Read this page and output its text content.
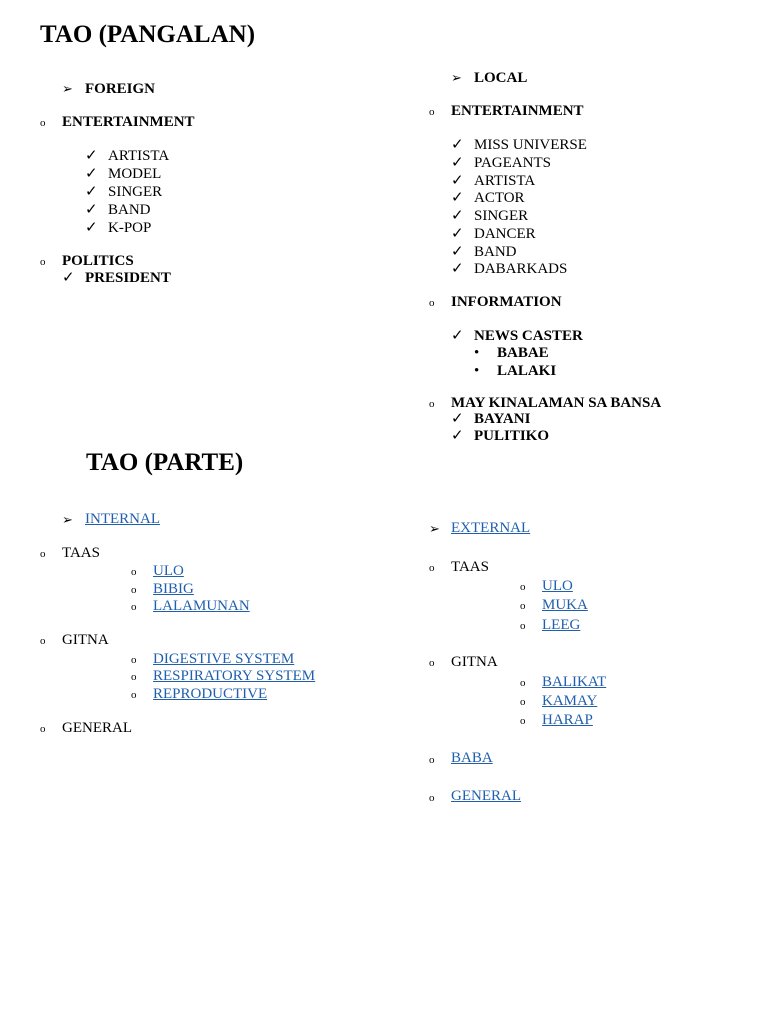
TAO (PANGALAN)
➢ FOREIGN
o ENTERTAINMENT
✓ ARTISTA
✓ MODEL
✓ SINGER
✓ BAND
✓ K-POP
o POLITICS
✓ PRESIDENT
➢ LOCAL
o ENTERTAINMENT
✓ MISS UNIVERSE
✓ PAGEANTS
✓ ARTISTA
✓ ACTOR
✓ SINGER
✓ DANCER
✓ BAND
✓ DABARKADS
o INFORMATION
✓ NEWS CASTER
• BABAE
• LALAKI
o MAY KINALAMAN SA BANSA
✓ BAYANI
✓ PULITIKO
TAO (PARTE)
➢ INTERNAL
o TAAS
o ULO
o BIBIG
o LALAMUNAN
o GITNA
o DIGESTIVE SYSTEM
o RESPIRATORY SYSTEM
o REPRODUCTIVE
o GENERAL
➢ EXTERNAL
o TAAS
o ULO
o MUKA
o LEEG
o GITNA
o BALIKAT
o KAMAY
o HARAP
o BABA
o GENERAL
